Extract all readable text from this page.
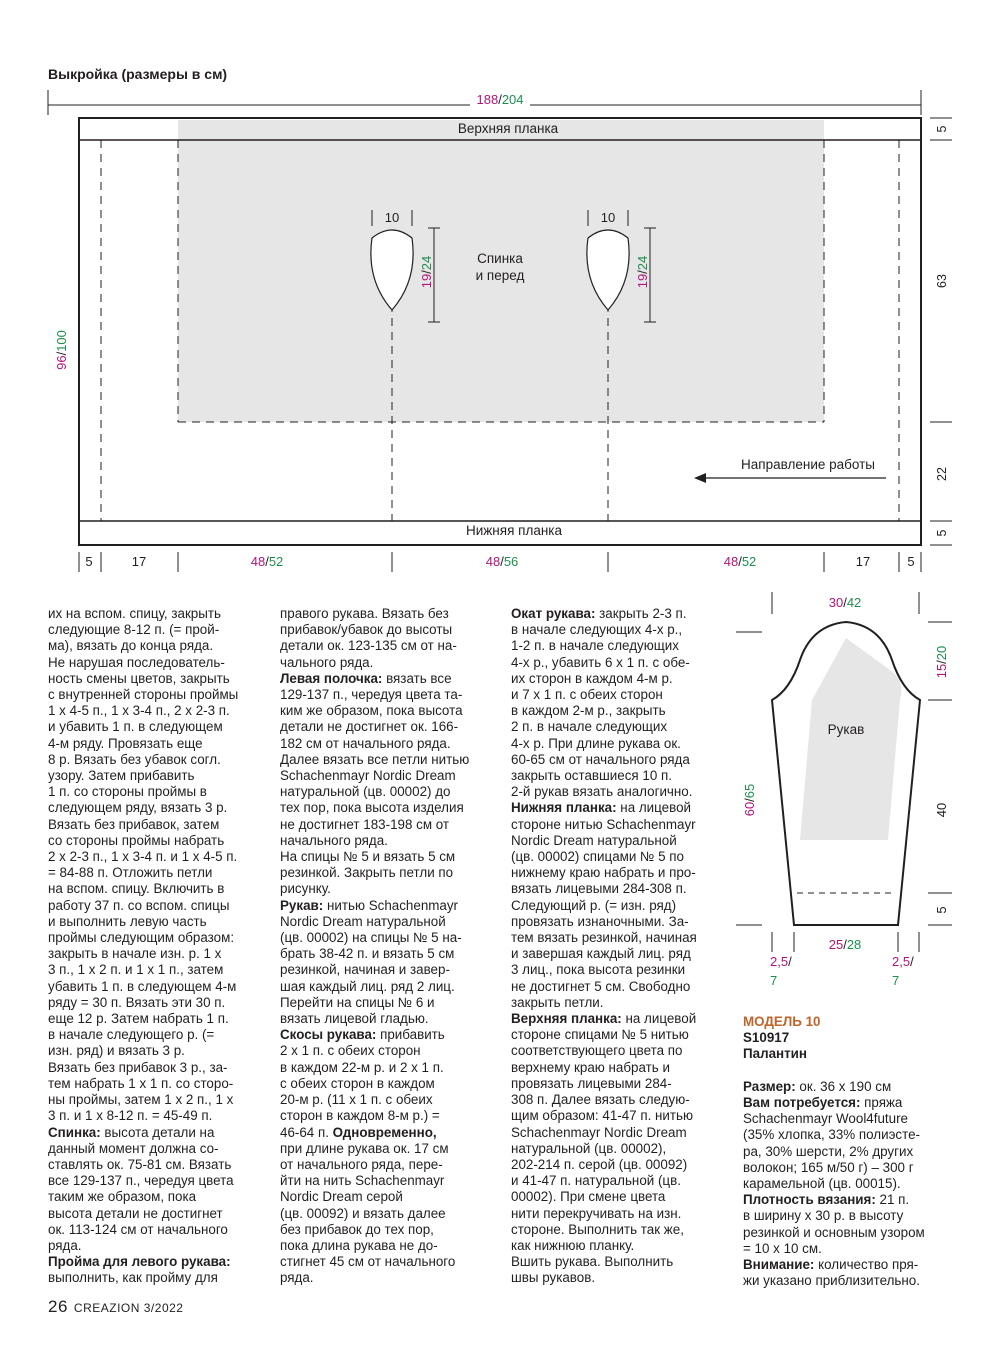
Выкройка (размеры в см)
10	10
19/24
19/24
Верхняя планка
Нижняя планка
Спинка
и перед
188/204
96/100
5
63
22
5
Направление работы
5	17	48/52	48/56	48/52	17	5
Рукав
30/42
15/20
40
5
60/65
25/28
2,5/
7
2,5/
7
их на вспом. спицу, закрыть
следующие 8-12 п. (= прой-
ма), вязать до конца ряда.
Не нарушая последователь-
ность смены цветов, закрыть
с внутренней стороны проймы
1 х 4-5 п., 1 х 3-4 п., 2 х 2-3 п.
и убавить 1 п. в следующем
4-м ряду. Провязать еще
8 р. Вязать без убавок согл.
узору. Затем прибавить
1 п. со стороны проймы в
следующем ряду, вязать 3 р.
Вязать без прибавок, затем
со стороны проймы набрать
2 х 2-3 п., 1 х 3-4 п. и 1 х 4-5 п.
= 84-88 п. Отложить петли
на вспом. спицу. Включить в
работу 37 п. со вспом. спицы
и выполнить левую часть
проймы следующим образом:
закрыть в начале изн. р. 1 х
3 п., 1 х 2 п. и 1 х 1 п., затем
убавить 1 п. в следующем 4-м
ряду = 30 п. Вязать эти 30 п.
еще 12 р. Затем набрать 1 п.
в начале следующего р. (=
изн. ряд) и вязать 3 р.
Вязать без прибавок 3 р., за-
тем набрать 1 х 1 п. со сторо-
ны проймы, затем 1 х 2 п., 1 х
3 п. и 1 х 8-12 п. = 45-49 п.
Спинка: высота детали на
данный момент должна со-
ставлять ок. 75-81 см. Вязать
все 129-137 п., чередуя цвета
таким же образом, пока
высота детали не достигнет
ок. 113-124 см от начального
ряда.
Пройма для левого рукава:
выполнить, как пройму для
правого рукава. Вязать без
прибавок/убавок до высоты
детали ок. 123-135 см от на-
чального ряда.
Левая полочка: вязать все
129-137 п., чередуя цвета та-
ким же образом, пока высота
детали не достигнет ок. 166-
182 см от начального ряда.
Далее вязать все петли нитью
Schachenmayr Nordic Dream
натуральной (цв. 00002) до
тех пор, пока высота изделия
не достигнет 183-198 см от
начального ряда.
На спицы № 5 и вязать 5 см
резинкой. Закрыть петли по
рисунку.
Рукав: нитью Schachenmayr
Nordic Dream натуральной
(цв. 00002) на спицы № 5 на-
брать 38-42 п. и вязать 5 см
резинкой, начиная и завер-
шая каждый лиц. ряд 2 лиц.
Перейти на спицы № 6 и
вязать лицевой гладью.
Скосы рукава: прибавить
2 х 1 п. с обеих сторон
в каждом 22-м р. и 2 х 1 п.
с обеих сторон в каждом
20-м р. (11 х 1 п. с обеих
сторон в каждом 8-м р.) =
46-64 п. Одновременно,
при длине рукава ок. 17 см
от начального ряда, пере-
йти на нить Schachenmayr
Nordic Dream серой
(цв. 00092) и вязать далее
без прибавок до тех пор,
пока длина рукава не до-
стигнет 45 см от начального
ряда.
Окат рукава: закрыть 2-3 п.
в начале следующих 4-х р.,
1-2 п. в начале следующих
4-х р., убавить 6 х 1 п. с обе-
их сторон в каждом 4-м р.
и 7 х 1 п. с обеих сторон
в каждом 2-м р., закрыть
2 п. в начале следующих
4-х р. При длине рукава ок.
60-65 см от начального ряда
закрыть оставшиеся 10 п.
2-й рукав вязать аналогично.
Нижняя планка: на лицевой
стороне нитью Schachenmayr
Nordic Dream натуральной
(цв. 00002) спицами № 5 по
нижнему краю набрать и про-
вязать лицевыми 284-308 п.
Следующий р. (= изн. ряд)
провязать изнаночными. За-
тем вязать резинкой, начиная
и завершая каждый лиц. ряд
3 лиц., пока высота резинки
не достигнет 5 см. Свободно
закрыть петли.
Верхняя планка: на лицевой
стороне спицами № 5 нитью
соответствующего цвета по
верхнему краю набрать и
провязать лицевыми 284-
308 п. Далее вязать следую-
щим образом: 41-47 п. нитью
Schachenmayr Nordic Dream
натуральной (цв. 00002),
202-214 п. серой (цв. 00092)
и 41-47 п. натуральной (цв.
00002). При смене цвета
нити перекручивать на изн.
стороне. Выполнить так же,
как нижнюю планку.
Вшить рукава. Выполнить
швы рукавов.
МОДЕЛЬ 10
S10917
Палантин

Размер: ок. 36 х 190 см
Вам потребуется: пряжа
Schachenmayr Wool4future
(35% хлопка, 33% полиэсте-
ра, 30% шерсти, 2% других
волокон; 165 м/50 г) – 300 г
карамельной (цв. 00015).
Плотность вязания: 21 п.
в ширину х 30 р. в высоту
резинкой и основным узором
= 10 х 10 см.
Внимание: количество пря-
жи указано приблизительно.
26 CREAZION 3/2022
